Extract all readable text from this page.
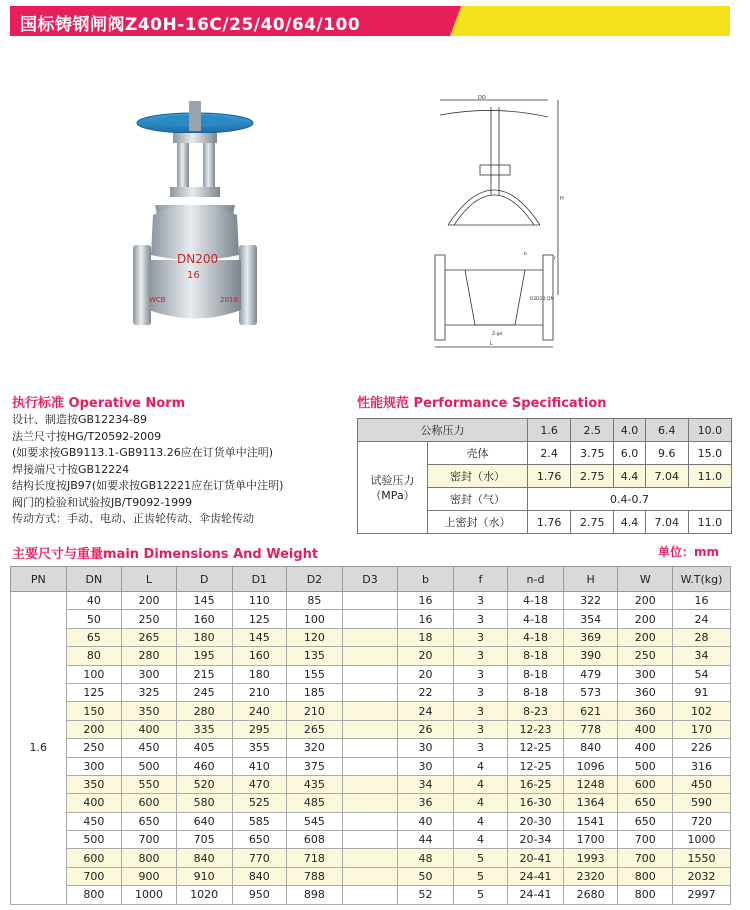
国标铸钢闸阀Z40H-16C/25/40/64/100
DN200
16
WCB	2018
DO
L
H
b
D2 D1 D DN
f
Z-φd
执行标准 Operative Norm
设计、制造按GB12234-89
法兰尺寸按HG/T20592-2009
(如要求按GB9113.1-GB9113.26应在订货单中注明)
焊接端尺寸按GB12224
结构长度按JB97(如要求按GB12221应在订货单中注明)
阀门的检验和试验按JB/T9092-1999
传动方式：手动、电动、正齿轮传动、伞齿轮传动
性能规范 Performance Specification
公称压力		1.6	2.5	4.0	6.4	10.0

试验压力
（MPa）	壳体	2.4	3.75	6.0	9.6	15.0
	密封（水）	1.76	2.75	4.4	7.04	11.0
	密封（气）	0.4-0.7				
	上密封（水）	1.76	2.75	4.4	7.04	11.0
主要尺寸与重量main Dimensions And Weight	单位：mm
PN	DN	L	D	D1	D2	D3	b	f	n-d	H	W	W.T(kg)
1.6	40	200	145	110	85		16	3	4-18	322	200	16
	50	250	160	125	100		16	3	4-18	354	200	24
	65	265	180	145	120		18	3	4-18	369	200	28
	80	280	195	160	135		20	3	8-18	390	250	34
	100	300	215	180	155		20	3	8-18	479	300	54
	125	325	245	210	185		22	3	8-18	573	360	91
	150	350	280	240	210		24	3	8-23	621	360	102
	200	400	335	295	265		26	3	12-23	778	400	170
	250	450	405	355	320		30	3	12-25	840	400	226
	300	500	460	410	375		30	4	12-25	1096	500	316
	350	550	520	470	435		34	4	16-25	1248	600	450
	400	600	580	525	485		36	4	16-30	1364	650	590
	450	650	640	585	545		40	4	20-30	1541	650	720
	500	700	705	650	608		44	4	20-34	1700	700	1000
	600	800	840	770	718		48	5	20-41	1993	700	1550
	700	900	910	840	788		50	5	24-41	2320	800	2032
	800	1000	1020	950	898		52	5	24-41	2680	800	2997
